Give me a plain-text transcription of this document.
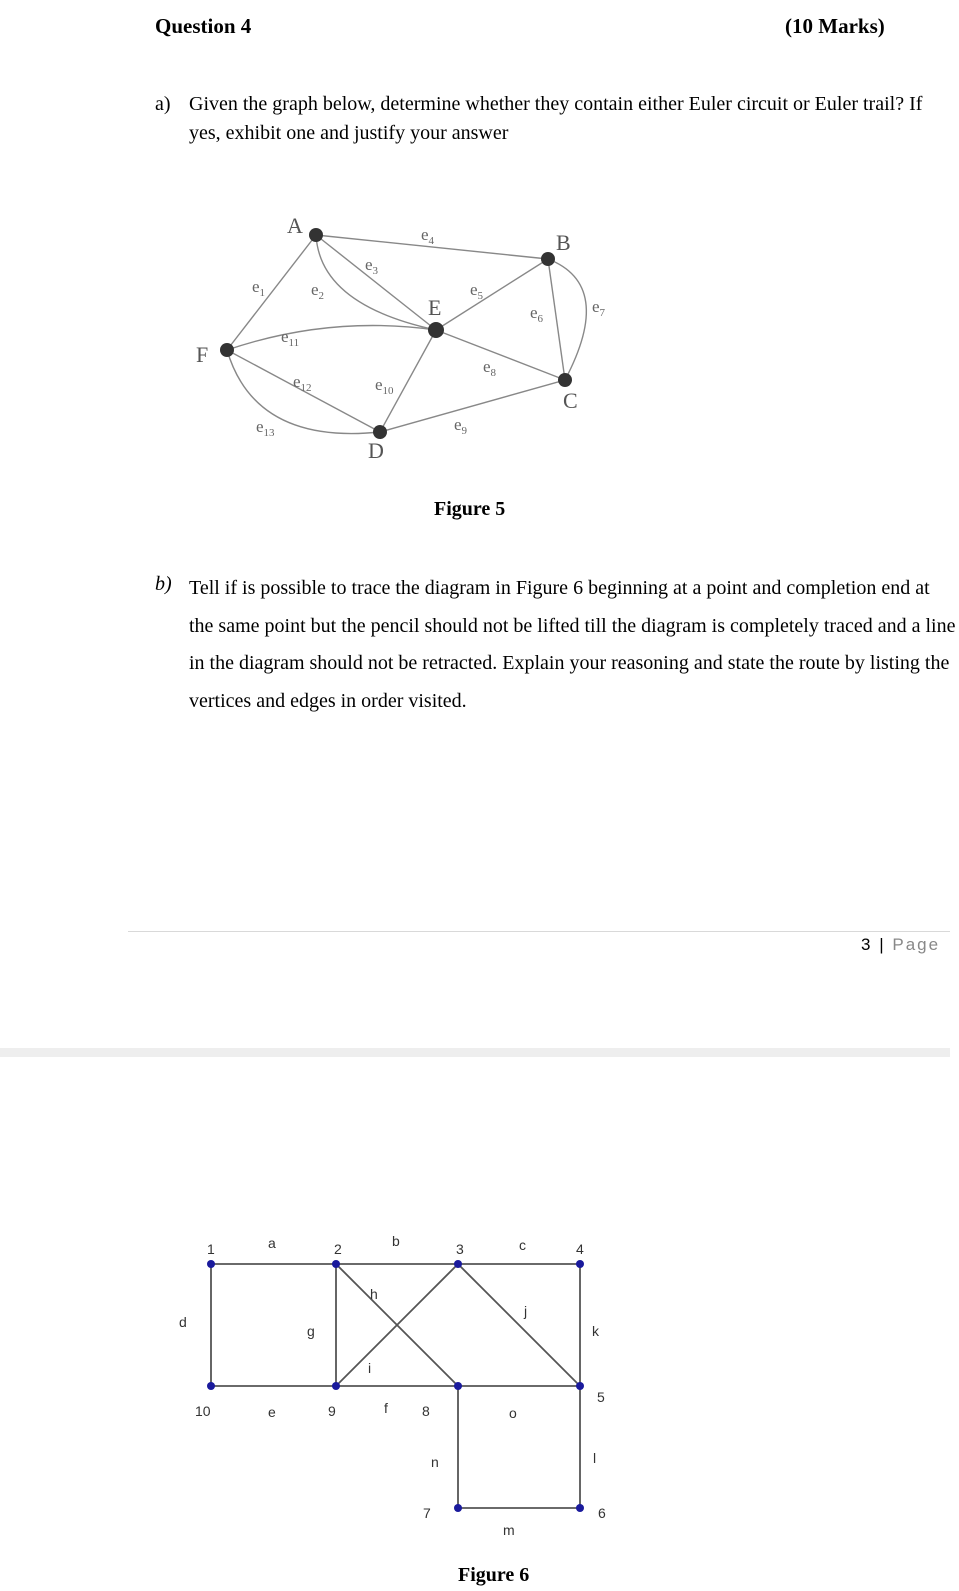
Question 4	(10 Marks)
a) Given the graph below, determine whether they contain either Euler circuit or Euler trail? If yes, exhibit one and justify your answer
A
B
C
D
E
F
$e_1$	$e_2$
$e_3$
$e_4$
$e_5$
$e_6$
$e_7$
$e_8$
$e_9$
$e_{10}$
$e_{11}$
$e_{12}$
$e_{13}$
Figure 5
b) Tell if is possible to trace the diagram in Figure 6 beginning at a point and completion end at the same point but the pencil should not be lifted till the diagram is completely traced and a line in the diagram should not be retracted. Explain your reasoning and state the route by listing the vertices and edges in order visited.
3 | Page
1	2	3	4
5
6
7
8
9
10
a	b	c
d
e	f
g
h
i
j
k
l
m
n
o
Figure 6
